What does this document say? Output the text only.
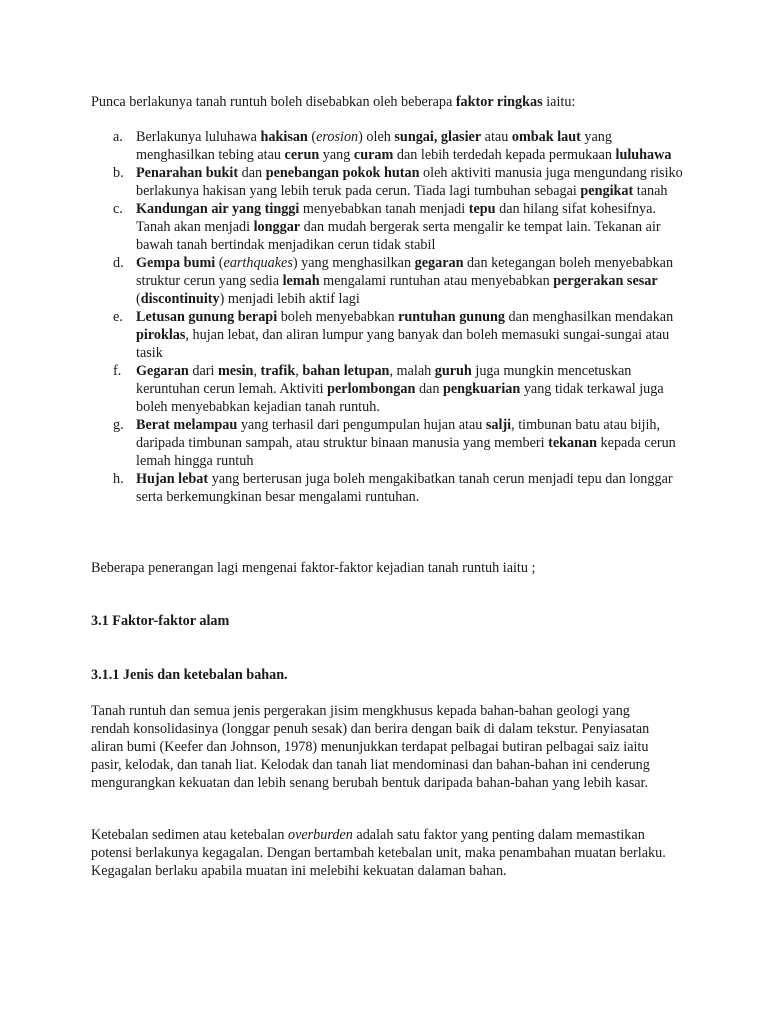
Punca berlakunya tanah runtuh boleh disebabkan oleh beberapa faktor ringkas iaitu:

a. Berlakunya luluhawa hakisan (erosion) oleh sungai, glasier atau ombak laut yang menghasilkan tebing atau cerun yang curam dan lebih terdedah kepada permukaan luluhawa
b. Penarahan bukit dan penebangan pokok hutan oleh aktiviti manusia juga mengundang risiko berlakunya hakisan yang lebih teruk pada cerun. Tiada lagi tumbuhan sebagai pengikat tanah
c. Kandungan air yang tinggi menyebabkan tanah menjadi tepu dan hilang sifat kohesifnya. Tanah akan menjadi longgar dan mudah bergerak serta mengalir ke tempat lain. Tekanan air bawah tanah bertindak menjadikan cerun tidak stabil
d. Gempa bumi (earthquakes) yang menghasilkan gegaran dan ketegangan boleh menyebabkan struktur cerun yang sedia lemah mengalami runtuhan atau menyebabkan pergerakan sesar (discontinuity) menjadi lebih aktif lagi
e. Letusan gunung berapi boleh menyebabkan runtuhan gunung dan menghasilkan mendakan piroklas, hujan lebat, dan aliran lumpur yang banyak dan boleh memasuki sungai-sungai atau tasik
f. Gegaran dari mesin, trafik, bahan letupan, malah guruh juga mungkin mencetuskan keruntuhan cerun lemah. Aktiviti perlombongan dan pengkuarian yang tidak terkawal juga boleh menyebabkan kejadian tanah runtuh.
g. Berat melampau yang terhasil dari pengumpulan hujan atau salji, timbunan batu atau bijih, daripada timbunan sampah, atau struktur binaan manusia yang memberi tekanan kepada cerun lemah hingga runtuh
h. Hujan lebat yang berterusan juga boleh mengakibatkan tanah cerun menjadi tepu dan longgar serta berkemungkinan besar mengalami runtuhan.

Beberapa penerangan lagi mengenai faktor-faktor kejadian tanah runtuh iaitu ;

3.1 Faktor-faktor alam

3.1.1 Jenis dan ketebalan bahan.

Tanah runtuh dan semua jenis pergerakan jisim mengkhusus kepada bahan-bahan geologi yang rendah konsolidasinya (longgar penuh sesak) dan berira dengan baik di dalam tekstur. Penyiasatan aliran bumi (Keefer dan Johnson, 1978) menunjukkan terdapat pelbagai butiran pelbagai saiz iaitu pasir, kelodak, dan tanah liat. Kelodak dan tanah liat mendominasi dan bahan-bahan ini cenderung mengurangkan kekuatan dan lebih senang berubah bentuk daripada bahan-bahan yang lebih kasar.

Ketebalan sedimen atau ketebalan overburden adalah satu faktor yang penting dalam memastikan potensi berlakunya kegagalan. Dengan bertambah ketebalan unit, maka penambahan muatan berlaku. Kegagalan berlaku apabila muatan ini melebihi kekuatan dalaman bahan.
